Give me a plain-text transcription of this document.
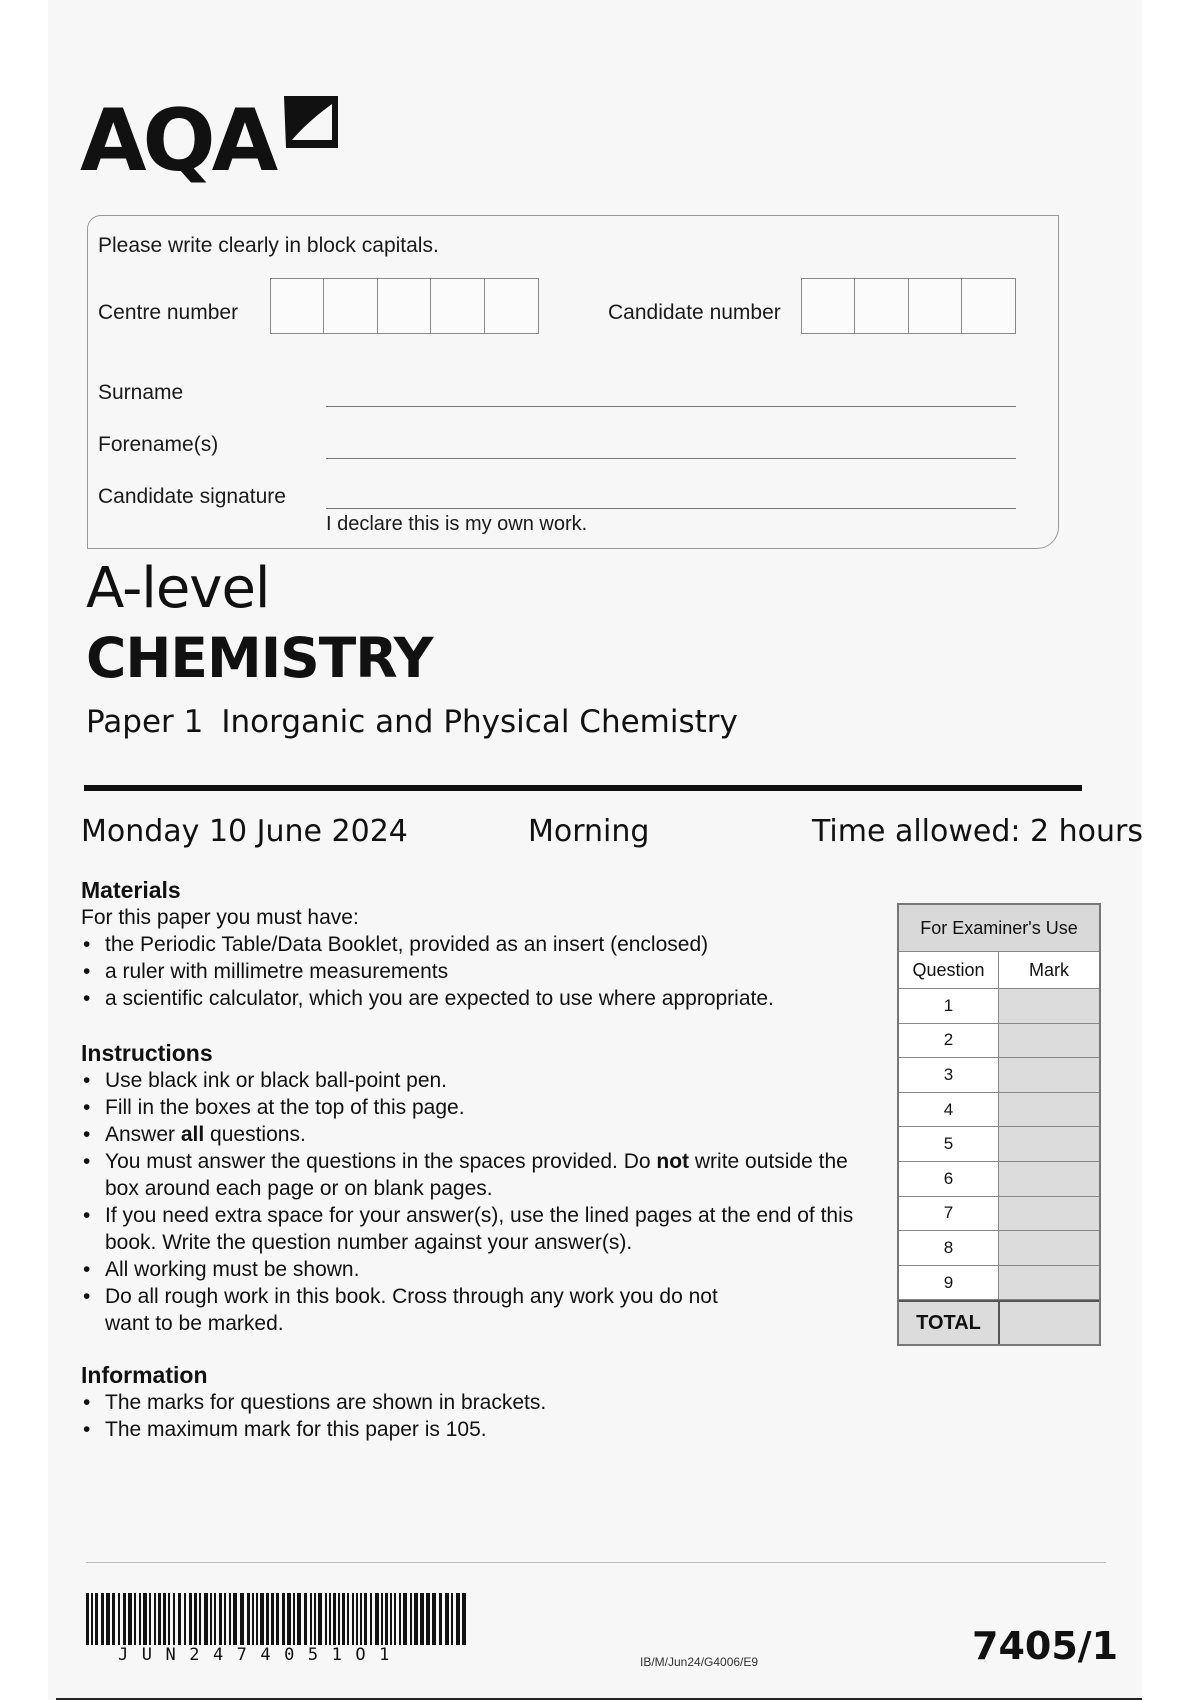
AQA
Please write clearly in block capitals.
Centre number	Candidate number
Surname
Forename(s)
Candidate signature
I declare this is my own work.
A-level
CHEMISTRY
Paper 1 Inorganic and Physical Chemistry
Monday 10 June 2024	Morning	Time allowed: 2 hours
Materials
For this paper you must have:
• the Periodic Table/Data Booklet, provided as an insert (enclosed)
• a ruler with millimetre measurements
• a scientific calculator, which you are expected to use where appropriate.
Instructions
• Use black ink or black ball-point pen.
• Fill in the boxes at the top of this page.
• Answer all questions.
• You must answer the questions in the spaces provided. Do not write outside the box around each page or on blank pages.
• If you need extra space for your answer(s), use the lined pages at the end of this book. Write the question number against your answer(s).
• All working must be shown.
• Do all rough work in this book. Cross through any work you do not want to be marked.
Information
• The marks for questions are shown in brackets.
• The maximum mark for this paper is 105.
For Examiner's Use
Question	Mark
1
2
3
4
5
6
7
8
9
TOTAL
JUN2474051O1	IB/M/Jun24/G4006/E9	7405/1
